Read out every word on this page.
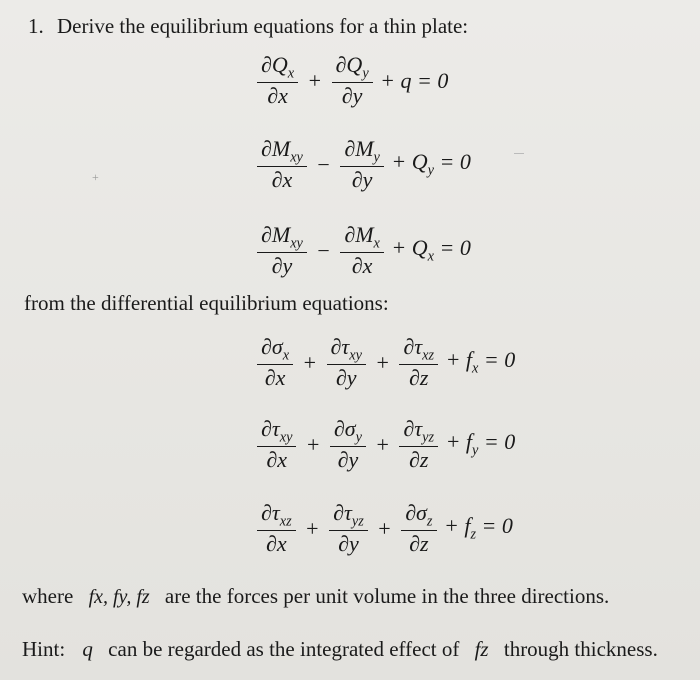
1. Derive the equilibrium equations for a thin plate:
$\frac{\partial Q_x}{\partial x} + \frac{\partial Q_y}{\partial y} + q = 0$
$\frac{\partial M_{xy}}{\partial x} - \frac{\partial M_y}{\partial y} + Q_y = 0$
$\frac{\partial M_{xy}}{\partial y} - \frac{\partial M_x}{\partial x} + Q_x = 0$
from the differential equilibrium equations:
$\frac{\partial\sigma_x}{\partial x} + \frac{\partial\tau_{xy}}{\partial y} + \frac{\partial\tau_{xz}}{\partial z} + f_x = 0$
$\frac{\partial\tau_{xy}}{\partial x} + \frac{\partial\sigma_y}{\partial y} + \frac{\partial\tau_{yz}}{\partial z} + f_y = 0$
$\frac{\partial\tau_{xz}}{\partial x} + \frac{\partial\tau_{yz}}{\partial y} + \frac{\partial\sigma_z}{\partial z} + f_z = 0$
where fx, fy, fz are the forces per unit volume in the three directions.
Hint: q can be regarded as the integrated effect of fz through thickness.
+
